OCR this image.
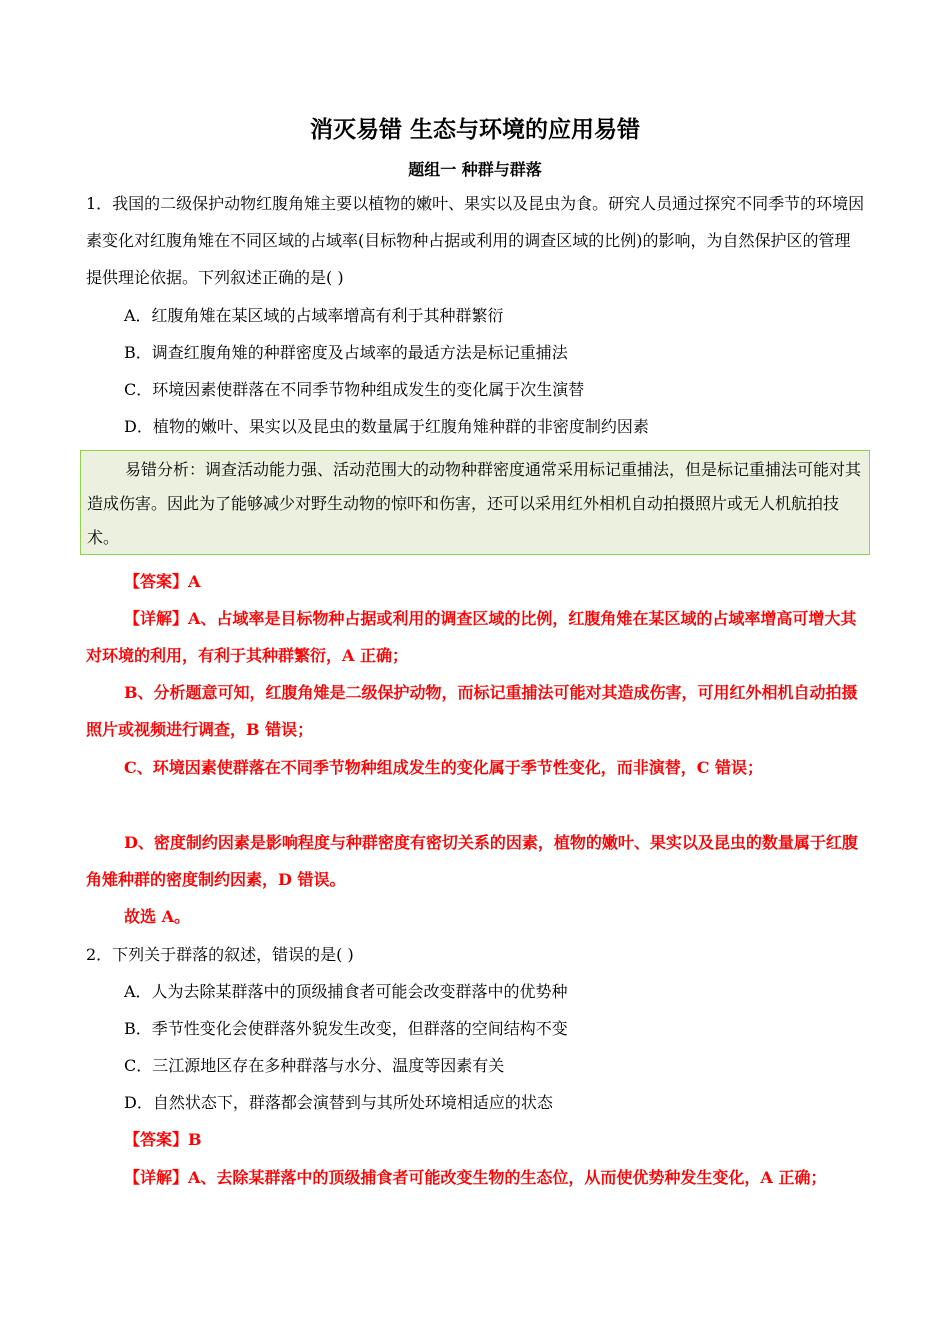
消灭易错 生态与环境的应用易错
题组一 种群与群落

1．我国的二级保护动物红腹角雉主要以植物的嫩叶、果实以及昆虫为食。研究人员通过探究不同季节的环境因素变化对红腹角雉在不同区域的占域率(目标物种占据或利用的调查区域的比例)的影响，为自然保护区的管理提供理论依据。下列叙述正确的是( )

A．红腹角雉在某区域的占域率增高有利于其种群繁衍

B．调查红腹角雉的种群密度及占域率的最适方法是标记重捕法

C．环境因素使群落在不同季节物种组成发生的变化属于次生演替

D．植物的嫩叶、果实以及昆虫的数量属于红腹角雉种群的非密度制约因素

易错分析：调查活动能力强、活动范围大的动物种群密度通常采用标记重捕法，但是标记重捕法可能对其造成伤害。因此为了能够减少对野生动物的惊吓和伤害，还可以采用红外相机自动拍摄照片或无人机航拍技术。

【答案】A

【详解】A、占域率是目标物种占据或利用的调查区域的比例，红腹角雉在某区域的占域率增高可增大其对环境的利用，有利于其种群繁衍，A 正确；

B、分析题意可知，红腹角雉是二级保护动物，而标记重捕法可能对其造成伤害，可用红外相机自动拍摄照片或视频进行调查，B 错误；

C、环境因素使群落在不同季节物种组成发生的变化属于季节性变化，而非演替，C 错误；

D、密度制约因素是影响程度与种群密度有密切关系的因素，植物的嫩叶、果实以及昆虫的数量属于红腹角雉种群的密度制约因素，D 错误。

故选 A。

2．下列关于群落的叙述，错误的是( )

A．人为去除某群落中的顶级捕食者可能会改变群落中的优势种

B．季节性变化会使群落外貌发生改变，但群落的空间结构不变

C．三江源地区存在多种群落与水分、温度等因素有关

D．自然状态下，群落都会演替到与其所处环境相适应的状态

【答案】B

【详解】A、去除某群落中的顶级捕食者可能改变生物的生态位，从而使优势种发生变化，A 正确；
